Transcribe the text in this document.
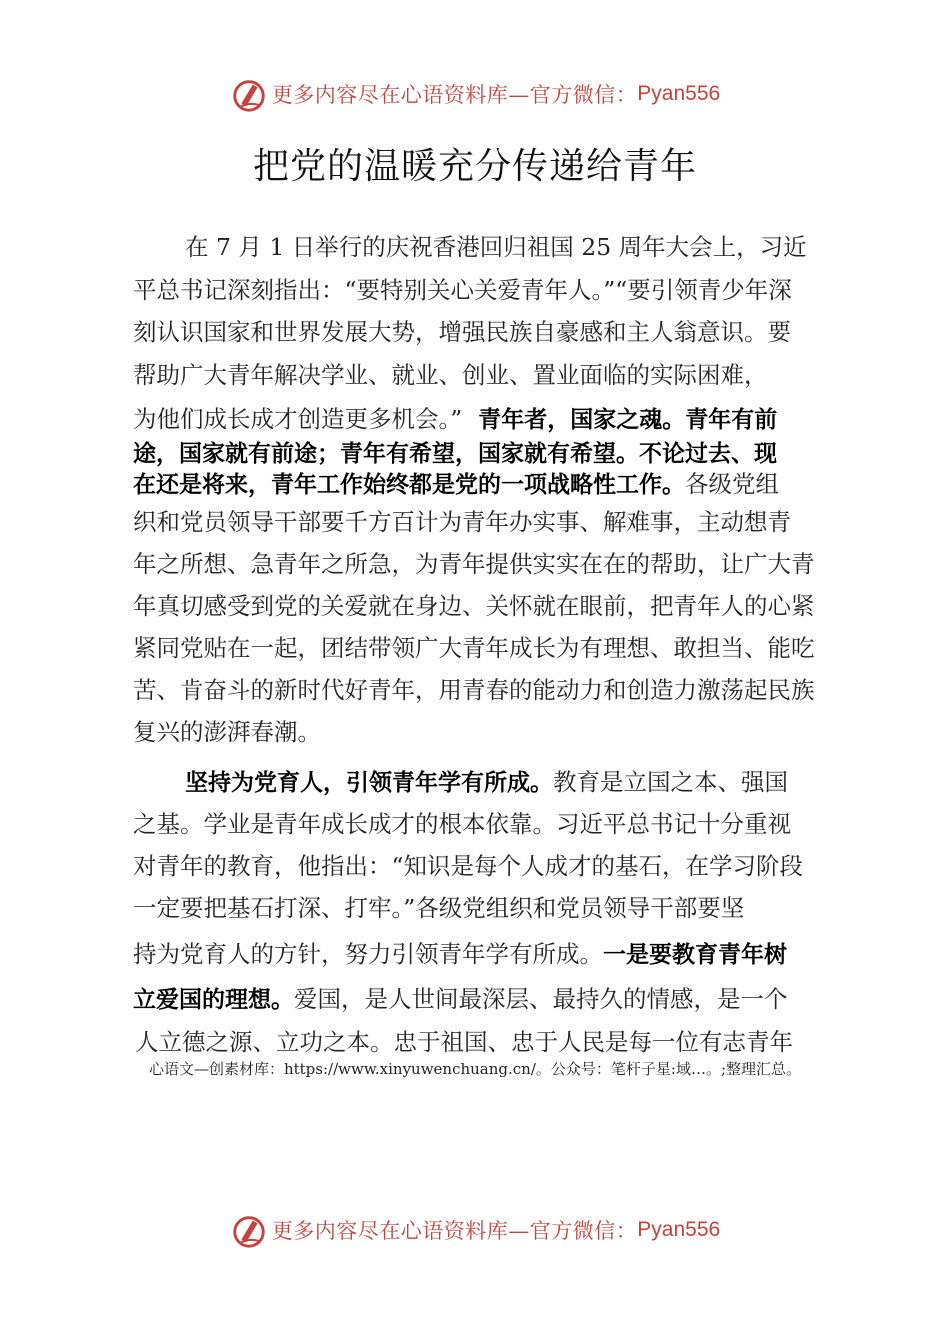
更多内容尽在心语资料库—官方微信： Pyan556
把党的温暖充分传递给青年
在 7 月 1 日举行的庆祝香港回归祖国 25 周年大会上，习近
平总书记深刻指出：“要特别关心关爱青年人。”“要引领青少年深
刻认识国家和世界发展大势，增强民族自豪感和主人翁意识。要
帮助广大青年解决学业、就业、创业、置业面临的实际困难，
为他们成长成才创造更多机会。” 青年者，国家之魂。青年有前
途，国家就有前途；青年有希望，国家就有希望。不论过去、现
在还是将来，青年工作始终都是党的一项战略性工作。各级党组
织和党员领导干部要千方百计为青年办实事、解难事，主动想青
年之所想、急青年之所急，为青年提供实实在在的帮助，让广大青
年真切感受到党的关爱就在身边、关怀就在眼前，把青年人的心紧
紧同党贴在一起，团结带领广大青年成长为有理想、敢担当、能吃
苦、肯奋斗的新时代好青年，用青春的能动力和创造力激荡起民族
复兴的澎湃春潮。
坚持为党育人，引领青年学有所成。教育是立国之本、强国
之基。学业是青年成长成才的根本依靠。习近平总书记十分重视
对青年的教育，他指出：“知识是每个人成才的基石，在学习阶段
一定要把基石打深、打牢。”各级党组织和党员领导干部要坚
持为党育人的方针，努力引领青年学有所成。一是要教育青年树
立爱国的理想。爱国，是人世间最深层、最持久的情感，是一个
人立德之源、立功之本。忠于祖国、忠于人民是每一位有志青年
心语文—创素材库：https://www.xinyuwenchuang.cn/。公众号：笔杆子星:域…。;整理汇总。
更多内容尽在心语资料库—官方微信： Pyan556
